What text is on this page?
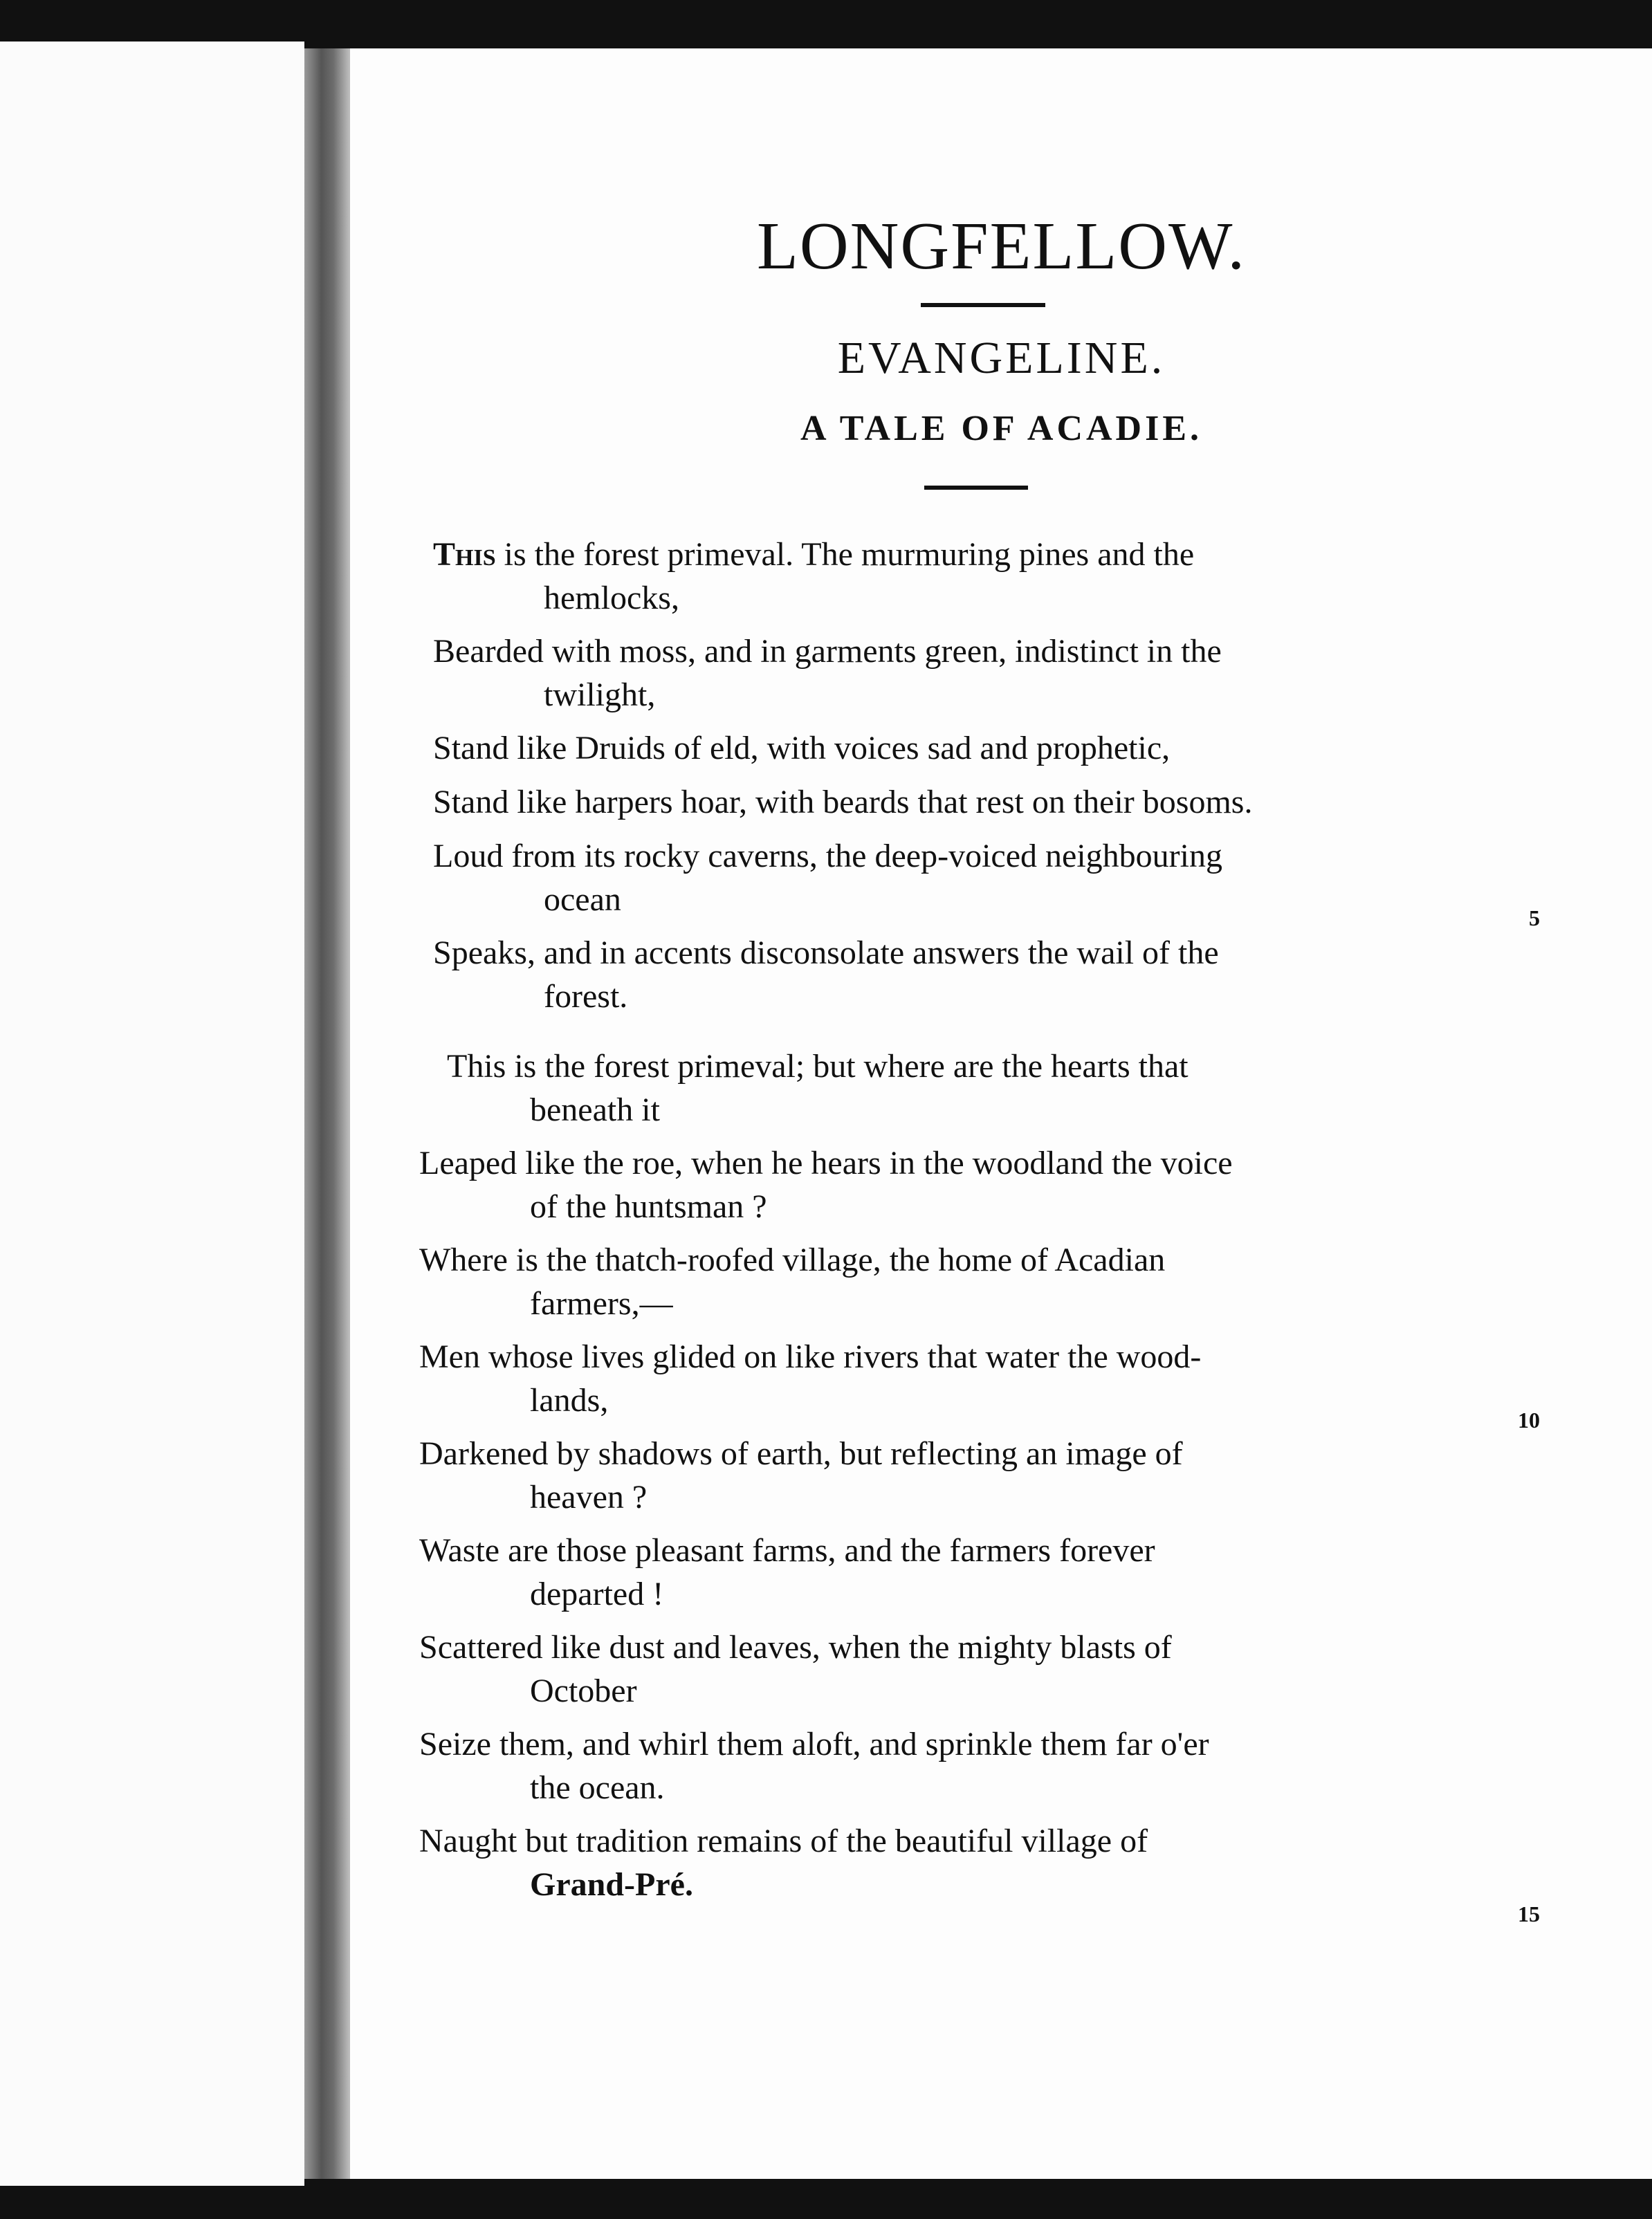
LONGFELLOW.
EVANGELINE.
A TALE OF ACADIE.
This is the forest primeval. The murmuring pines and the
hemlocks,
Bearded with moss, and in garments green, indistinct in the
twilight,
Stand like Druids of eld, with voices sad and prophetic,
Stand like harpers hoar, with beards that rest on their bosoms.
Loud from its rocky caverns, the deep-voiced neighbouring
ocean	5
Speaks, and in accents disconsolate answers the wail of the
forest.
This is the forest primeval; but where are the hearts that
beneath it
Leaped like the roe, when he hears in the woodland the voice
of the huntsman ?
Where is the thatch-roofed village, the home of Acadian
farmers,—
Men whose lives glided on like rivers that water the wood-
lands,
10
Darkened by shadows of earth, but reflecting an image of
heaven ?
Waste are those pleasant farms, and the farmers forever
departed !
Scattered like dust and leaves, when the mighty blasts of
October
Seize them, and whirl them aloft, and sprinkle them far o'er
the ocean.
Naught but tradition remains of the beautiful village of
Grand-Pré.
15
